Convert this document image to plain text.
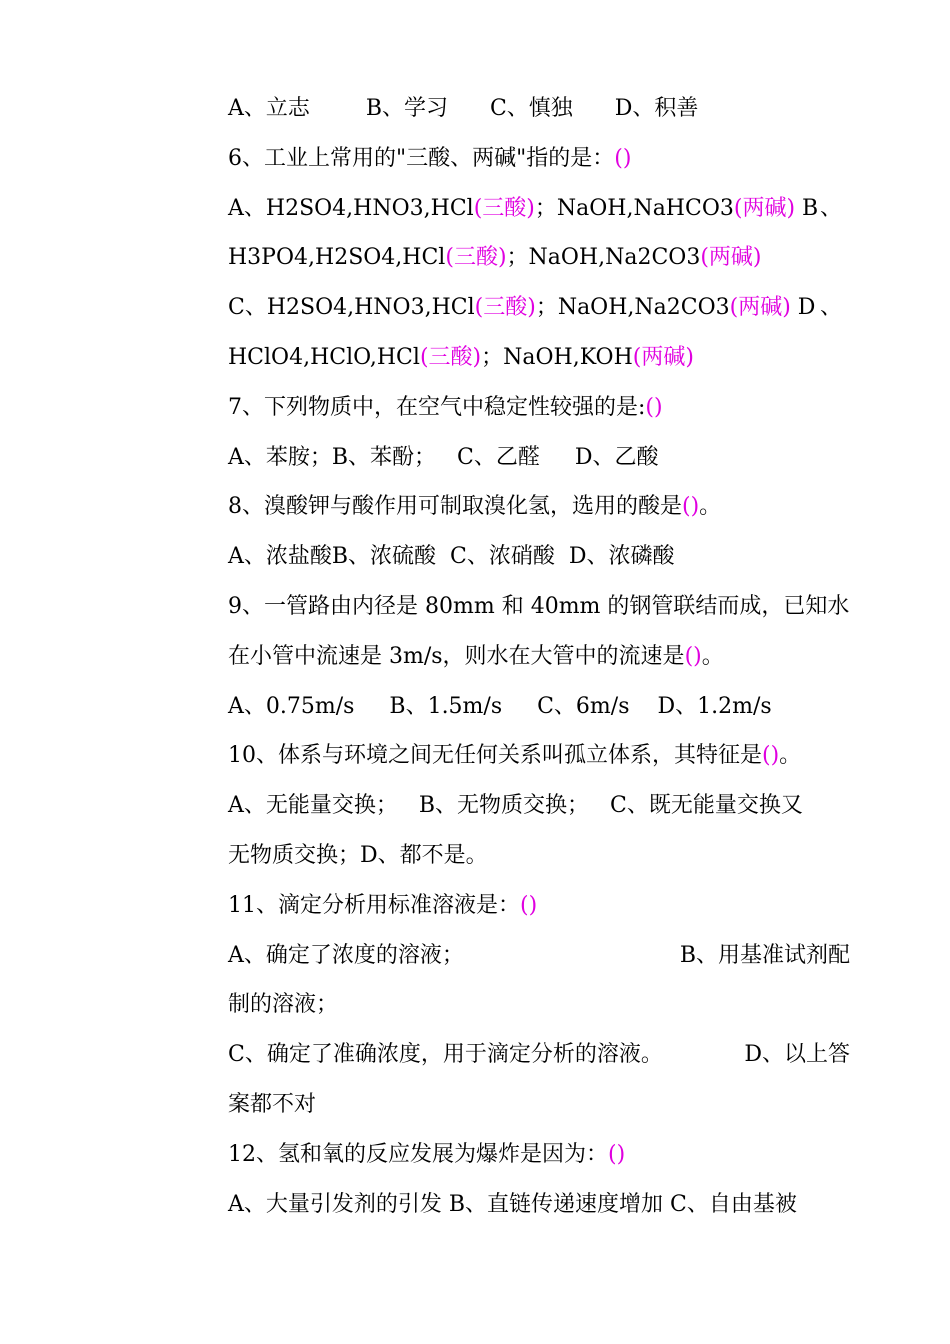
A、立志        B、学习      C、慎独      D、积善
6、工业上常用的"三酸、两碱"指的是：()
A、H2SO4,HNO3,HCl(三酸)；NaOH,NaHCO3(两碱) B 、
H3PO4,H2SO4,HCl(三酸)；NaOH,Na2CO3(两碱)
C、H2SO4,HNO3,HCl(三酸)；NaOH,Na2CO3(两碱) D 、
HClO4,HClO,HCl(三酸)；NaOH,KOH(两碱)
7、下列物质中，在空气中稳定性较强的是:()
A、苯胺；B、苯酚；   C、乙醛     D、乙酸
8、溴酸钾与酸作用可制取溴化氢，选用的酸是()。
A、浓盐酸B、浓硫酸  C、浓硝酸  D、浓磷酸
9、一管路由内径是 80mm 和 40mm 的钢管联结而成，已知水
在小管中流速是 3m/s，则水在大管中的流速是()。
A、0.75m/s     B、1.5m/s     C、6m/s    D、1.2m/s
10、体系与环境之间无任何关系叫孤立体系，其特征是()。
A、无能量交换；   B、无物质交换；   C、既无能量交换又
无物质交换；D、都不是。
11、滴定分析用标准溶液是：()
A、确定了浓度的溶液；	B、用基准试剂配
制的溶液；
C、确定了准确浓度，用于滴定分析的溶液。	D、以上答
案都不对
12、氢和氧的反应发展为爆炸是因为：()
A、大量引发剂的引发 B、直链传递速度增加 C、自由基被
